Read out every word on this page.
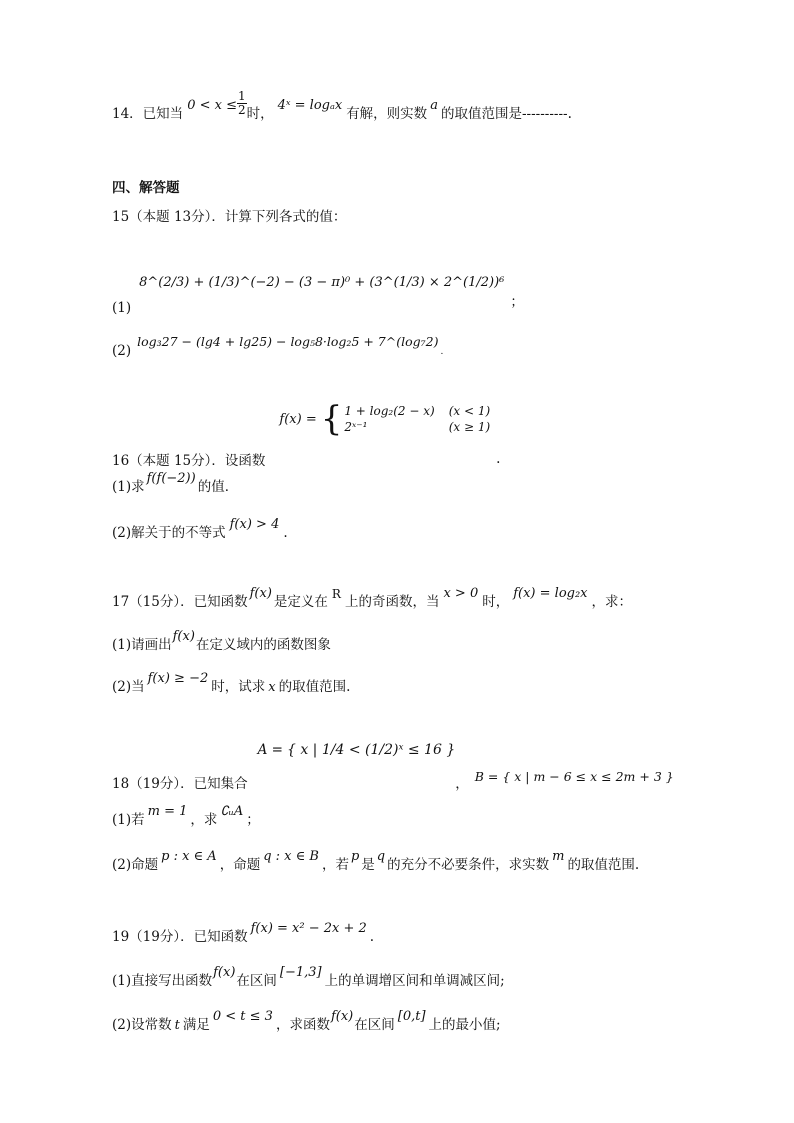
14．已知当
$0 < x \le \frac{1}{2}$ 时，
4ˣ = logₐx
有解，则实数
a
的取值范围是----------.
四、解答题
15（本题 13分）．计算下列各式的值：
(1)
8^(2/3) + (1/3)^(−2) − (3 − π)⁰ + (3^(1/3) × 2^(1/2))⁶
；
(2)
log₃27 − (lg4 + lg25) − log₅8·log₂5 + 7^(log₇2)
.
16（本题 15分）．设函数
f(x) = { 1 + log₂(2 − x) (x < 1)
2ˣ⁻¹	(x ≥ 1)
.
(1)求
f(f(−2))
的值．
(2)解关于的不等式
f(x) > 4
.
17（15分）．已知函数
f(x)
是定义在 R 上的奇函数，当
x > 0
时，
f(x) = log₂x
，求：
(1)请画出
f(x)
在定义域内的函数图象
(2)当
f(x) ≥ −2
时，试求 x 的取值范围.
18（19分）．已知集合
A = { x | 1/4 < (1/2)ˣ ≤ 16 }
， B = { x | m − 6 ≤ x ≤ 2m + 3 }
(1)若
m = 1
，求
∁ᵤA
；
(2)命题
p : x ∈ A
，命题
q : x ∈ B
，若
p
是
q
的充分不必要条件，求实数
m
的取值范围.
19（19分）．已知函数
f(x) = x² − 2x + 2
.
(1)直接写出函数
f(x)
在区间
[−1,3]
上的单调增区间和单调减区间;
(2)设常数 t 满足
0 < t ≤ 3
，求函数
f(x)
在区间
[0,t]
上的最小值;
